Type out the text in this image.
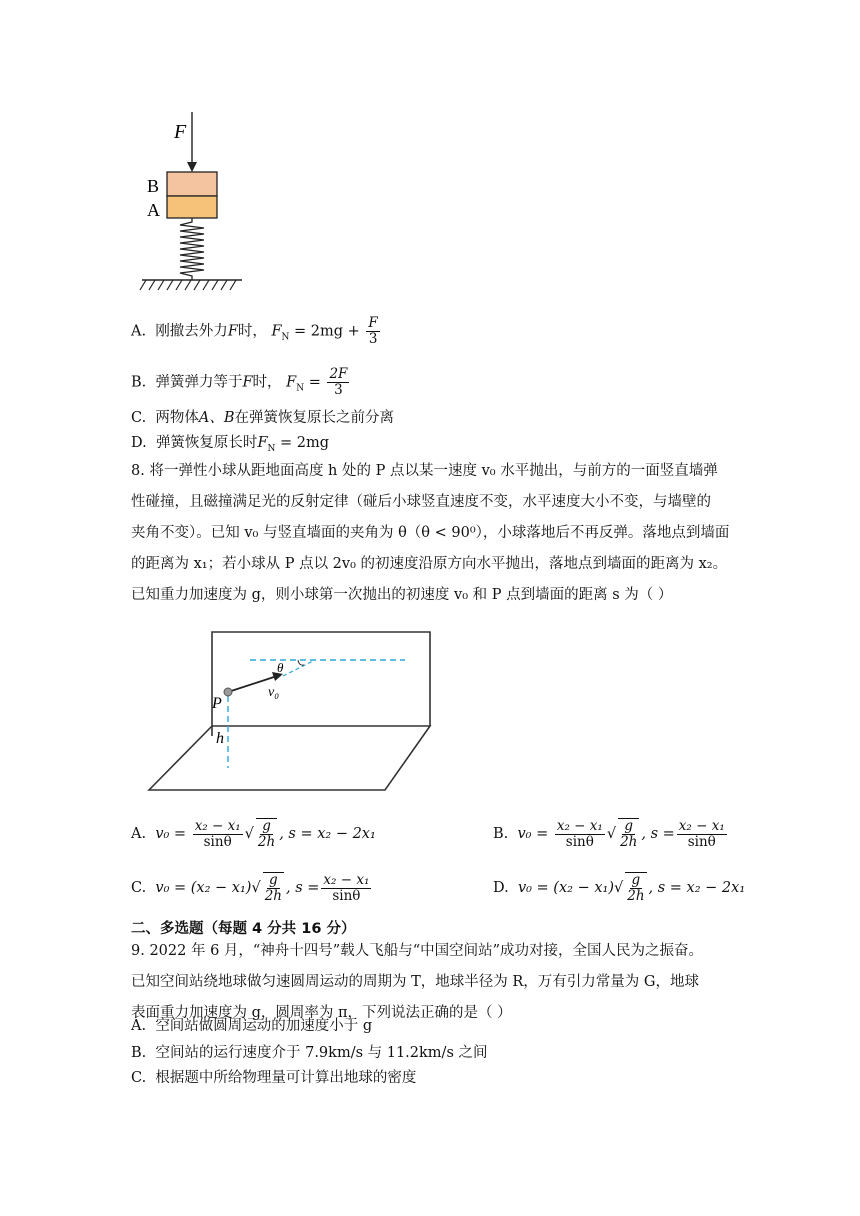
F
B
A
A. 刚撤去外力F时， $F_N = 2mg + \frac{F}{3}$
B. 弹簧弹力等于F时， $F_N = \frac{2F}{3}$
C. 两物体A、B在弹簧恢复原长之前分离
D. 弹簧恢复原长时$F_N = 2mg$
8. 将一弹性小球从距地面高度 h 处的 P 点以某一速度 v₀ 水平抛出，与前方的一面竖直墙弹
性碰撞，且磁撞满足光的反射定律（碰后小球竖直速度不变，水平速度大小不变，与墙壁的
夹角不变）。已知 v₀ 与竖直墙面的夹角为 θ（θ < 90⁰），小球落地后不再反弹。落地点到墙面
的距离为 x₁；若小球从 P 点以 2v₀ 的初速度沿原方向水平抛出，落地点到墙面的距离为 x₂。
已知重力加速度为 g，则小球第一次抛出的初速度 v₀ 和 P 点到墙面的距离 s 为（ ）
P
h
θ
v₀
A. $v_0 = \frac{\text{x₂ − x₁}}{\sin\theta}$ √ $\frac{g}{2h}$ , s = x₂ − 2x₁	B. $v_0 = \frac{\text{x₂ − x₁}}{\sin\theta}$ √ $\frac{g}{2h}$ , $s = \frac{\text{x₂ − x₁}}{\sin\theta}$
C. $v_0 = (x_2 - x_1)√ \frac{g}{2h}$ , $s = \frac{\text{x₂ − x₁}}{\sin\theta}$	D. $v_0 = (x_2 - x_1)√ \frac{g}{2h}$ , s = x₂ − 2x₁
二、多选题（每题 4 分共 16 分）
9. 2022 年 6 月，“神舟十四号”载人飞船与“中国空间站”成功对接，全国人民为之振奋。
已知空间站绕地球做匀速圆周运动的周期为 T，地球半径为 R，万有引力常量为 G，地球
表面重力加速度为 g，圆周率为 π，下列说法正确的是（ ）
A. 空间站做圆周运动的加速度小于 g
B. 空间站的运行速度介于 7.9km/s 与 11.2km/s 之间
C. 根据题中所给物理量可计算出地球的密度
